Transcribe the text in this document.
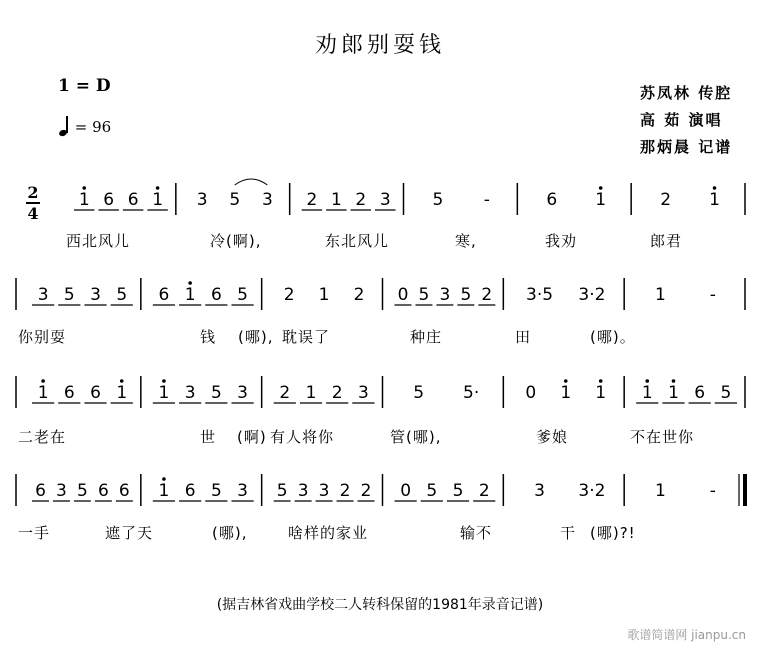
劝郎别耍钱
1 = D
= 96
苏凤林 传腔
高 茹 演唱
那炳晨 记谱
2
4
1 6 6 1 3 5 3 2 1 2 3 5 -	6 1	2 1
3 5 3 5 6 1 6 5 2 1 2 0 5 3 5 2 3·5 3·2	1	-
1 6 6 1 1 3 5 3 2 1 2 3	5 5·	0 1 1 1 1 6 5
6 3 5 6 6 1 6 5 3 5 3 3 2 2 0 5 5 2	3 3·2	1	-
西北风儿	冷(啊),	东北风儿	寒,	我劝	郎君
你别耍	钱 (哪), 耽误了	种庄	田	(哪)。
二老在	世 (啊) 有人将你	管(哪),	爹娘	不在世你
一手	遮了天	(哪),	啥样的家业	输不	干 (哪)?!
(据吉林省戏曲学校二人转科保留的1981年录音记谱)
歌谱简谱网 jianpu.cn
